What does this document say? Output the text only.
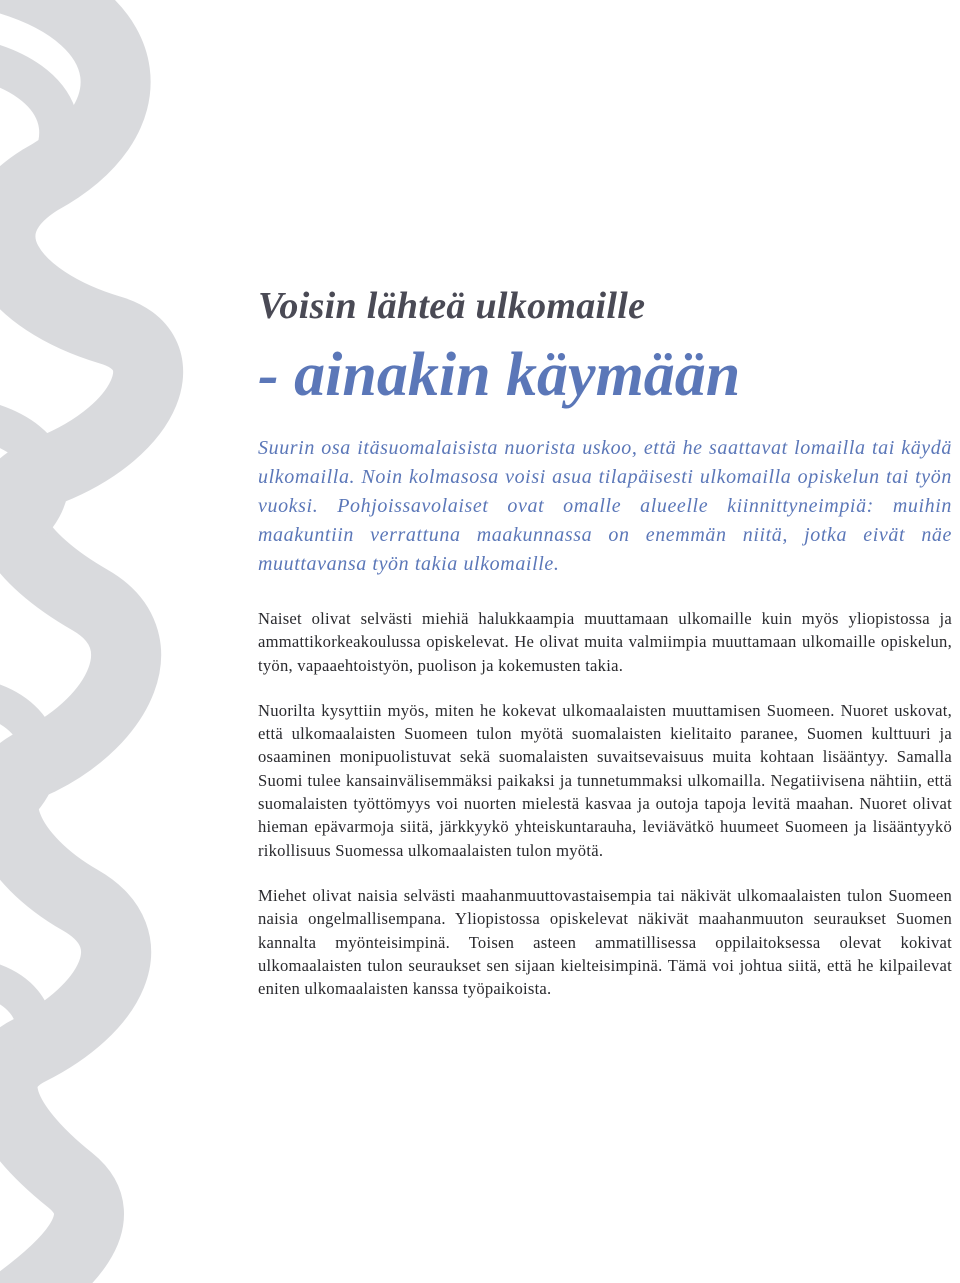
Voisin lähteä ulkomaille
- ainakin käymään

Suurin osa itäsuomalaisista nuorista uskoo, että he saattavat lomailla tai käydä ulkomailla. Noin kolmasosa voisi asua tilapäisesti ulkomailla opiskelun tai työn vuoksi. Pohjoissavolaiset ovat omalle alueelle kiinnittyneimpiä: muihin maakuntiin verrattuna maakunnassa on enemmän niitä, jotka eivät näe muuttavansa työn takia ulkomaille.

Naiset olivat selvästi miehiä halukkaampia muuttamaan ulkomaille kuin myös yliopistossa ja ammattikorkeakoulussa opiskelevat. He olivat muita valmiimpia muuttamaan ulkomaille opiskelun, työn, vapaaehtoistyön, puolison ja kokemusten takia.

Nuorilta kysyttiin myös, miten he kokevat ulkomaalaisten muuttamisen Suomeen. Nuoret uskovat, että ulkomaalaisten Suomeen tulon myötä suomalaisten kielitaito paranee, Suomen kulttuuri ja osaaminen monipuolistuvat sekä suomalaisten suvaitsevaisuus muita kohtaan lisääntyy. Samalla Suomi tulee kansainvälisemmäksi paikaksi ja tunnetummaksi ulkomailla. Negatiivisena nähtiin, että suomalaisten työttömyys voi nuorten mielestä kasvaa ja outoja tapoja levitä maahan. Nuoret olivat hieman epävarmoja siitä, järkkyykö yhteiskuntarauha, leviävätkö huumeet Suomeen ja lisääntyykö rikollisuus Suomessa ulkomaalaisten tulon myötä.

Miehet olivat naisia selvästi maahanmuuttovastaisempia tai näkivät ulkomaalaisten tulon Suomeen naisia ongelmallisempana. Yliopistossa opiskelevat näkivät maahanmuuton seuraukset Suomen kannalta myönteisimpinä. Toisen asteen ammatillisessa oppilaitoksessa olevat kokivat ulkomaalaisten tulon seuraukset sen sijaan kielteisimpinä. Tämä voi johtua siitä, että he kilpailevat eniten ulkomaalaisten kanssa työpaikoista.
